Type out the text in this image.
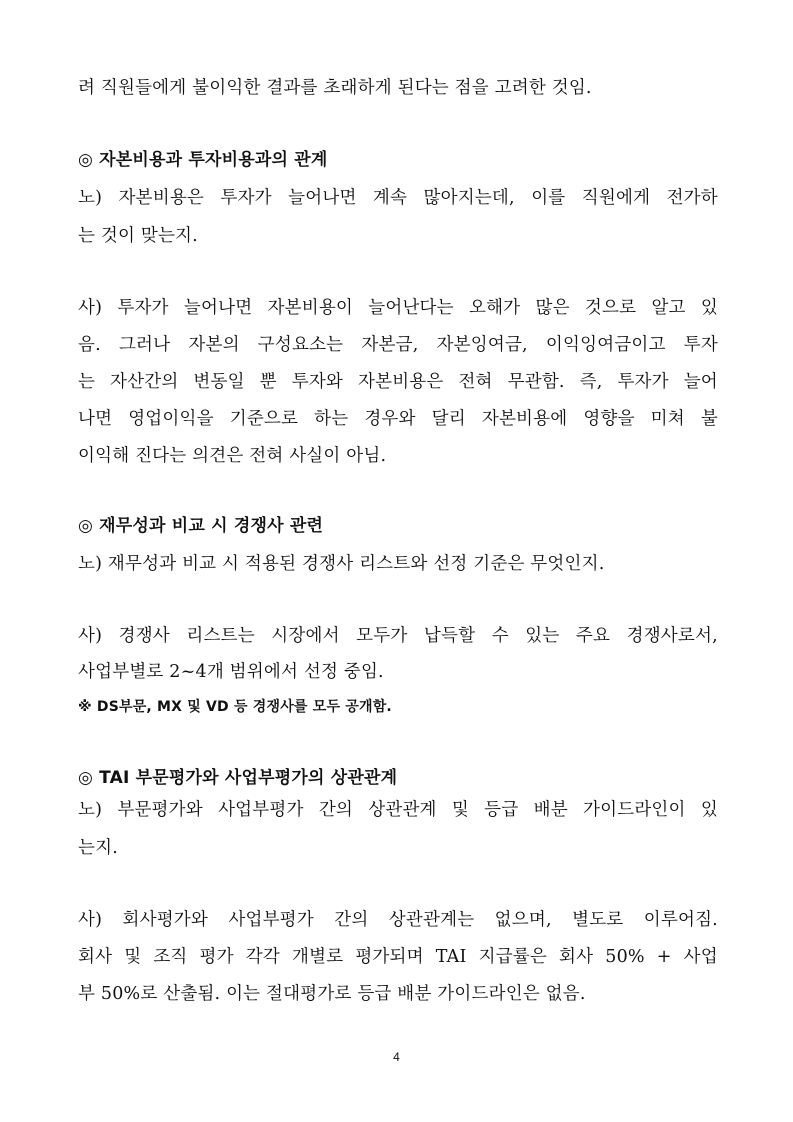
려 직원들에게 불이익한 결과를 초래하게 된다는 점을 고려한 것임.
◎ 자본비용과 투자비용과의 관계
노) 자본비용은 투자가 늘어나면 계속 많아지는데, 이를 직원에게 전가하
는 것이 맞는지.
사) 투자가 늘어나면 자본비용이 늘어난다는 오해가 많은 것으로 알고 있
음. 그러나 자본의 구성요소는 자본금, 자본잉여금, 이익잉여금이고 투자
는 자산간의 변동일 뿐 투자와 자본비용은 전혀 무관함. 즉, 투자가 늘어
나면 영업이익을 기준으로 하는 경우와 달리 자본비용에 영향을 미쳐 불
이익해 진다는 의견은 전혀 사실이 아님.
◎ 재무성과 비교 시 경쟁사 관련
노) 재무성과 비교 시 적용된 경쟁사 리스트와 선정 기준은 무엇인지.
사) 경쟁사 리스트는 시장에서 모두가 납득할 수 있는 주요 경쟁사로서,
사업부별로 2~4개 범위에서 선정 중임.
※ DS부문, MX 및 VD 등 경쟁사를 모두 공개함.
◎ TAI 부문평가와 사업부평가의 상관관계
노) 부문평가와 사업부평가 간의 상관관계 및 등급 배분 가이드라인이 있
는지.
사) 회사평가와 사업부평가 간의 상관관계는 없으며, 별도로 이루어짐.
회사 및 조직 평가 각각 개별로 평가되며 TAI 지급률은 회사 50% + 사업
부 50%로 산출됨. 이는 절대평가로 등급 배분 가이드라인은 없음.
4
